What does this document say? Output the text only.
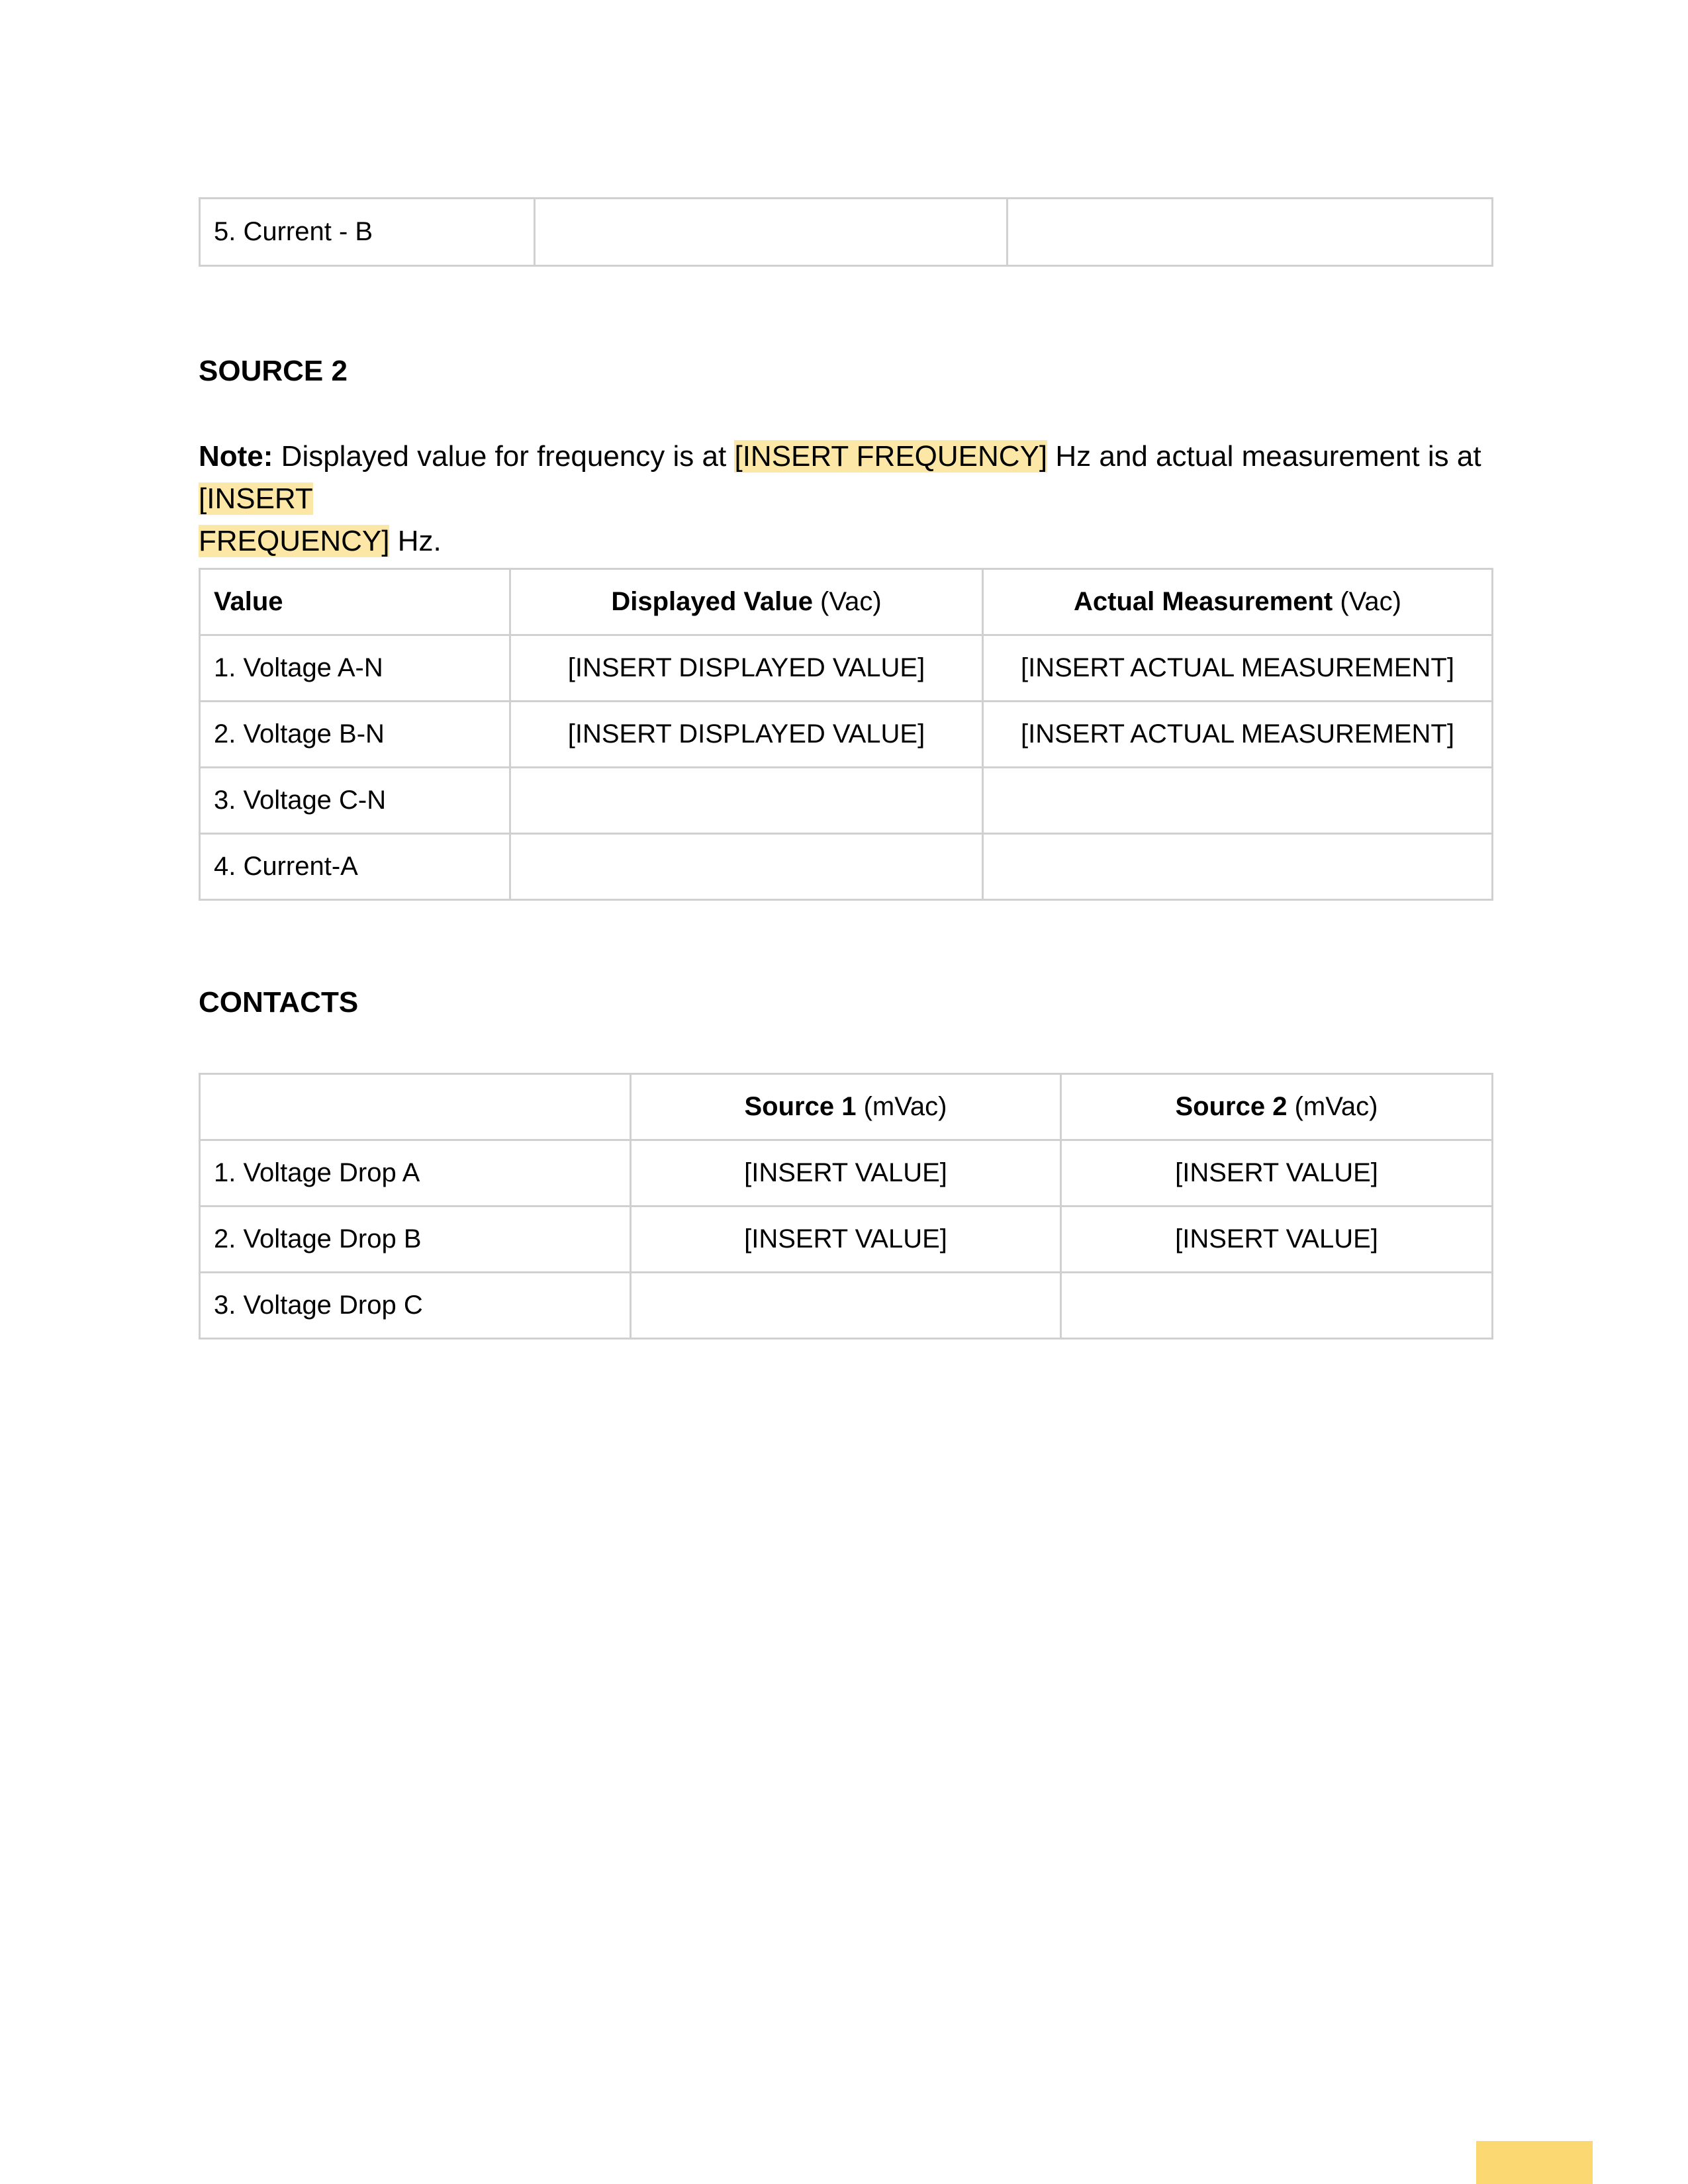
5. Current - B		
SOURCE 2

Note: Displayed value for frequency is at [INSERT FREQUENCY] Hz and actual measurement is at [INSERT
FREQUENCY] Hz.

Value	Displayed Value (Vac)	Actual Measurement (Vac)
1. Voltage A-N	[INSERT DISPLAYED VALUE]	[INSERT ACTUAL MEASUREMENT]
2. Voltage B-N	[INSERT DISPLAYED VALUE]	[INSERT ACTUAL MEASUREMENT]
3. Voltage C-N		
4. Current-A		
CONTACTS
	Source 1 (mVac)	Source 2 (mVac)
1. Voltage Drop A	[INSERT VALUE]	[INSERT VALUE]
2. Voltage Drop B	[INSERT VALUE]	[INSERT VALUE]
3. Voltage Drop C		
